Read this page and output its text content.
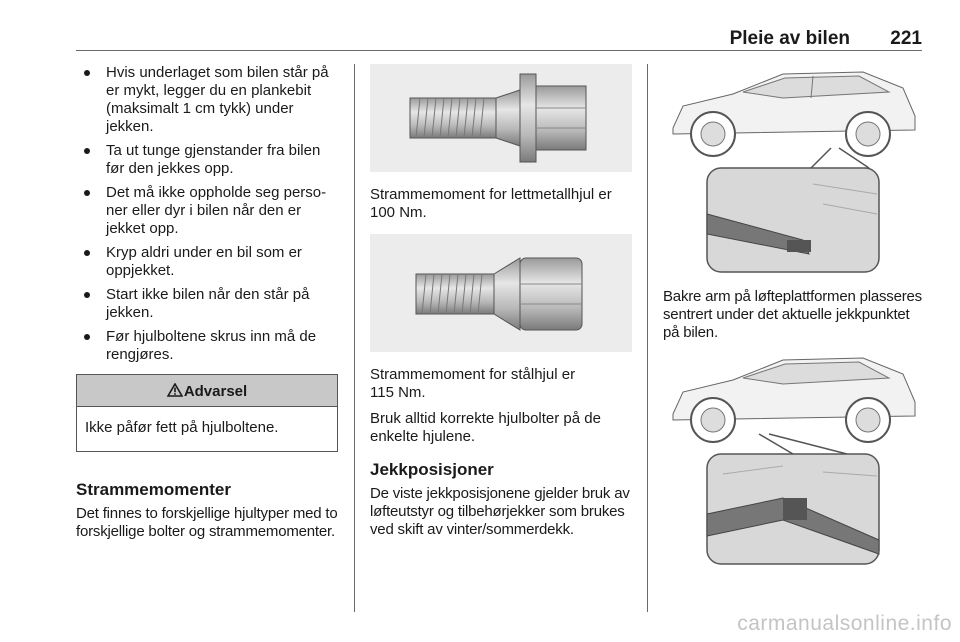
Pleie av bilen 221
Hvis underlaget som bilen står på er mykt, legger du en plankebit (maksimalt 1 cm tykk) under jekken.
Ta ut tunge gjenstander fra bilen før den jekkes opp.
Det må ikke oppholde seg personer eller dyr i bilen når den er jekket opp.
Kryp aldri under en bil som er oppjekket.
Start ikke bilen når den står på jekken.
Før hjulboltene skrus inn må de rengjøres.
Advarsel
Ikke påfør fett på hjulboltene.
Strammemomenter

Det finnes to forskjellige hjultyper med to forskjellige bolter og strammemomenter.

Strammemoment for lettmetallhjul er 100 Nm.

Strammemoment for stålhjul er 115 Nm.

Bruk alltid korrekte hjulbolter på de enkelte hjulene.

Jekkposisjoner

De viste jekkposisjonene gjelder bruk av løfteutstyr og tilbehørjekker som brukes ved skift av vinter/sommerdekk.

Bakre arm på løfteplattformen plasseres sentrert under det aktuelle jekkpunktet på bilen.

carmanualsonline.info
